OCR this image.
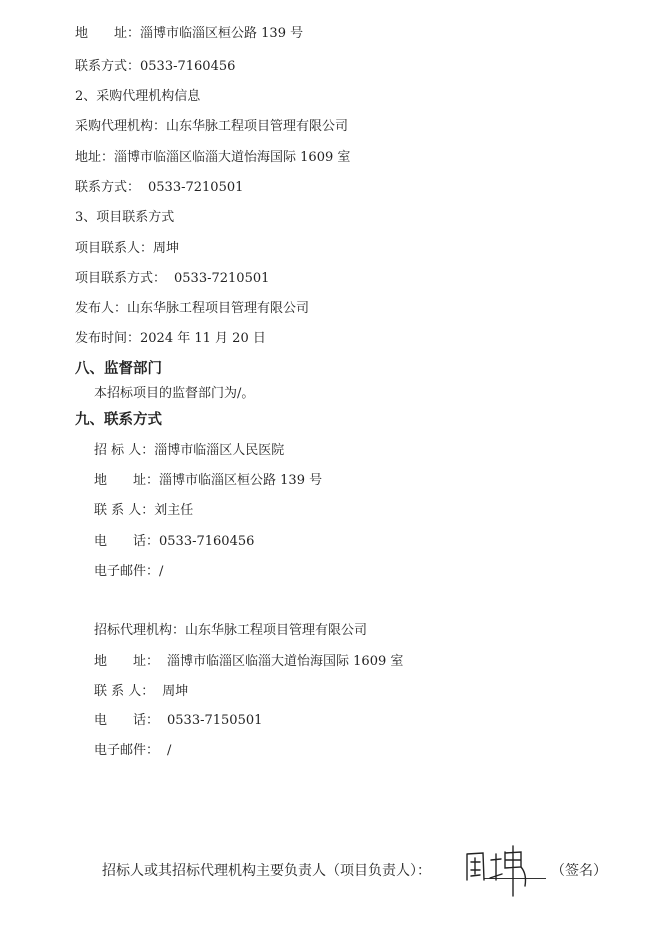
地　　址：淄博市临淄区桓公路 139 号
联系方式：0533-7160456
2、采购代理机构信息
采购代理机构：山东华脉工程项目管理有限公司
地址：淄博市临淄区临淄大道怡海国际 1609 室
联系方式： 0533-7210501
3、项目联系方式
项目联系人：周坤
项目联系方式： 0533-7210501
发布人：山东华脉工程项目管理有限公司
发布时间：2024 年 11 月 20 日
八、监督部门
本招标项目的监督部门为/。
九、联系方式
招 标 人：淄博市临淄区人民医院
地　　址：淄博市临淄区桓公路 139 号
联 系 人：刘主任
电　　话：0533-7160456
电子邮件：/
招标代理机构：山东华脉工程项目管理有限公司
地　　址： 淄博市临淄区临淄大道怡海国际 1609 室
联 系 人： 周坤
电　　话： 0533-7150501
电子邮件： /
招标人或其招标代理机构主要负责人（项目负责人）：	（签名）
